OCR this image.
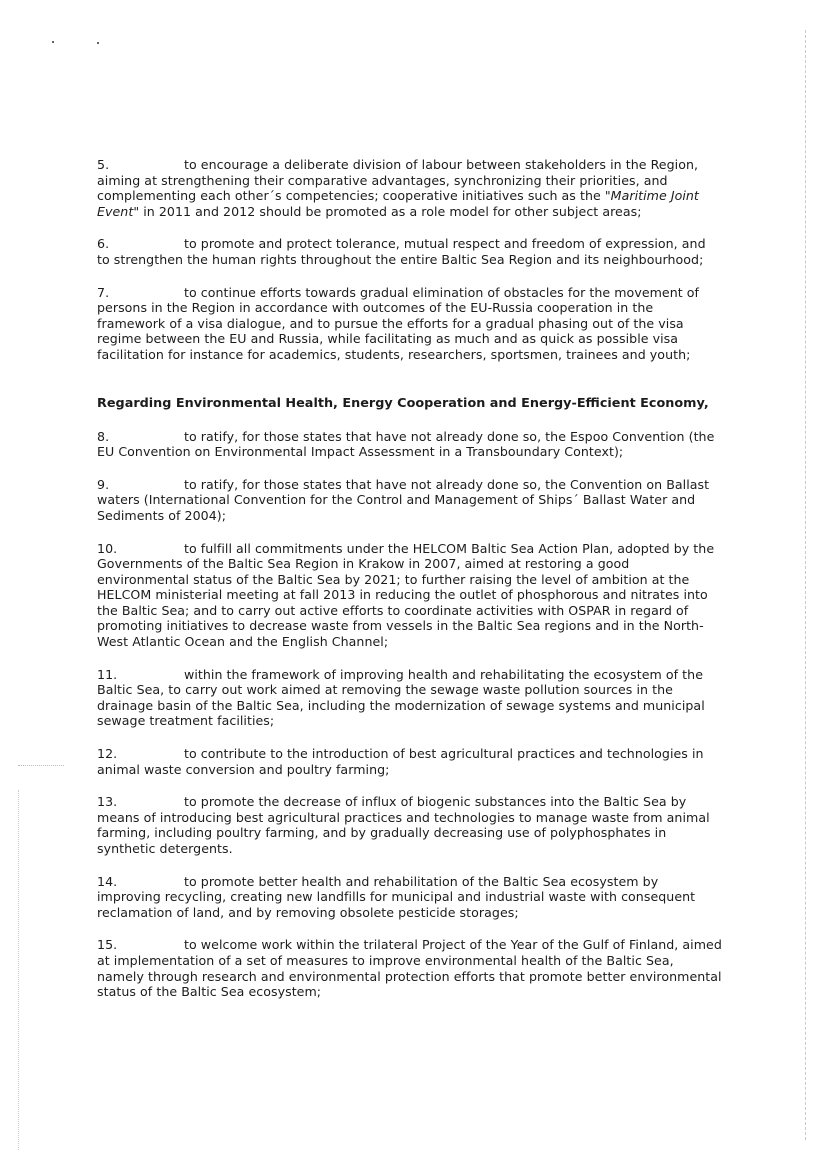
5.	to encourage a deliberate division of labour between stakeholders in the Region, aiming at strengthening their comparative advantages, synchronizing their priorities, and complementing each other´s competencies; cooperative initiatives such as the "Maritime Joint Event" in 2011 and 2012 should be promoted as a role model for other subject areas;

6.	to promote and protect tolerance, mutual respect and freedom of expression, and to strengthen the human rights throughout the entire Baltic Sea Region and its neighbourhood;

7.	to continue efforts towards gradual elimination of obstacles for the movement of persons in the Region in accordance with outcomes of the EU-Russia cooperation in the framework of a visa dialogue, and to pursue the efforts for a gradual phasing out of the visa regime between the EU and Russia, while facilitating as much and as quick as possible visa facilitation for instance for academics, students, researchers, sportsmen, trainees and youth;

Regarding Environmental Health, Energy Cooperation and Energy-Efficient Economy,

8.	to ratify, for those states that have not already done so, the Espoo Convention (the EU Convention on Environmental Impact Assessment in a Transboundary Context);

9.	to ratify, for those states that have not already done so, the Convention on Ballast waters (International Convention for the Control and Management of Ships´ Ballast Water and Sediments of 2004);

10.	to fulfill all commitments under the HELCOM Baltic Sea Action Plan, adopted by the Governments of the Baltic Sea Region in Krakow in 2007, aimed at restoring a good environmental status of the Baltic Sea by 2021; to further raising the level of ambition at the HELCOM ministerial meeting at fall 2013 in reducing the outlet of phosphorous and nitrates into the Baltic Sea; and to carry out active efforts to coordinate activities with OSPAR in regard of promoting initiatives to decrease waste from vessels in the Baltic Sea regions and in the North-West Atlantic Ocean and the English Channel;

11.	within the framework of improving health and rehabilitating the ecosystem of the Baltic Sea, to carry out work aimed at removing the sewage waste pollution sources in the drainage basin of the Baltic Sea, including the modernization of sewage systems and municipal sewage treatment facilities;

12.	to contribute to the introduction of best agricultural practices and technologies in animal waste conversion and poultry farming;

13.	to promote the decrease of influx of biogenic substances into the Baltic Sea by means of introducing best agricultural practices and technologies to manage waste from animal farming, including poultry farming, and by gradually decreasing use of polyphosphates in synthetic detergents.

14.	to promote better health and rehabilitation of the Baltic Sea ecosystem by improving recycling, creating new landfills for municipal and industrial waste with consequent reclamation of land, and by removing obsolete pesticide storages;

15.	to welcome work within the trilateral Project of the Year of the Gulf of Finland, aimed at implementation of a set of measures to improve environmental health of the Baltic Sea, namely through research and environmental protection efforts that promote better environmental status of the Baltic Sea ecosystem;
